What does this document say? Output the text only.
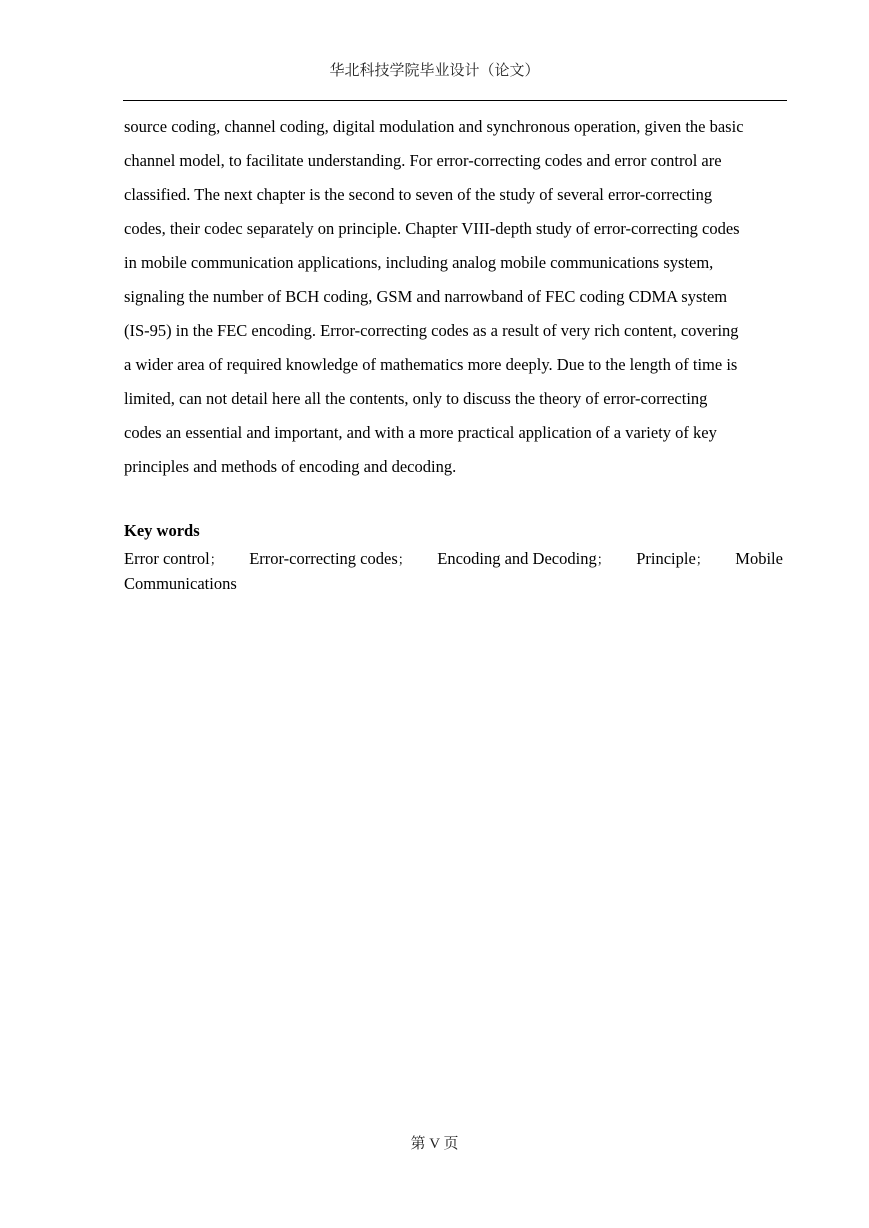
华北科技学院毕业设计（论文）
source coding, channel coding, digital modulation and synchronous operation, given the basic
channel model, to facilitate understanding. For error-correcting codes and error control are
classified. The next chapter is the second to seven of the study of several error-correcting
codes, their codec separately on principle. Chapter VIII-depth study of error-correcting codes
in mobile communication applications, including analog mobile communications system,
signaling the number of BCH coding, GSM and narrowband of FEC coding CDMA system
(IS-95) in the FEC encoding. Error-correcting codes as a result of very rich content, covering
a wider area of required knowledge of mathematics more deeply. Due to the length of time is
limited, can not detail here all the contents, only to discuss the theory of error-correcting
codes an essential and important, and with a more practical application of a variety of key
principles and methods of encoding and decoding.
Key words
Error control； Error-correcting codes； Encoding and Decoding； Principle； Mobile
Communications
第 V 页
